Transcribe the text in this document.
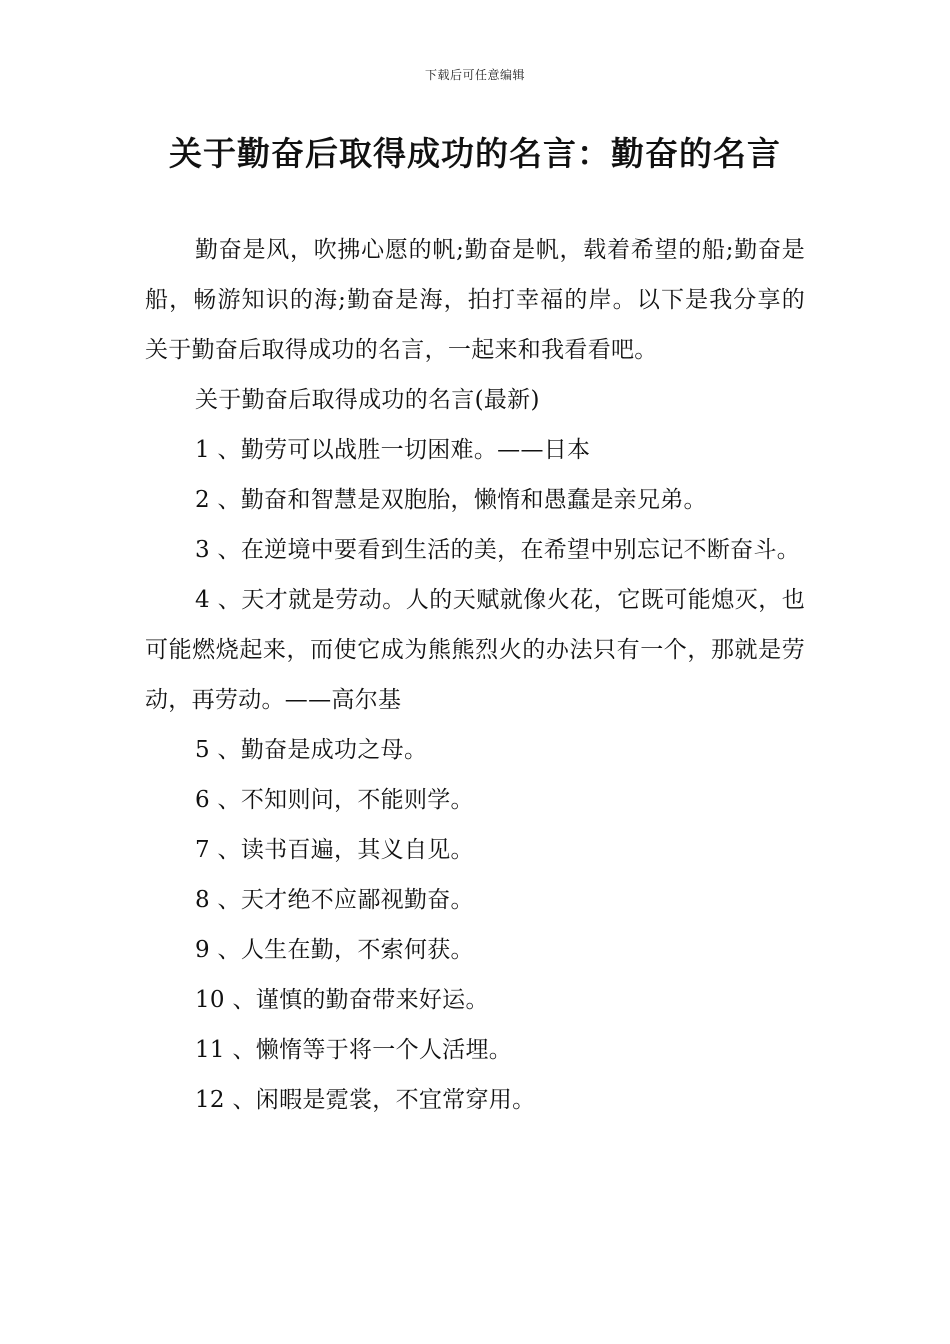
下载后可任意编辑
关于勤奋后取得成功的名言：勤奋的名言

勤奋是风，吹拂心愿的帆;勤奋是帆，载着希望的船;勤奋是船，畅游知识的海;勤奋是海，拍打幸福的岸。以下是我分享的关于勤奋后取得成功的名言，一起来和我看看吧。

关于勤奋后取得成功的名言(最新)

1 、勤劳可以战胜一切困难。——日本

2 、勤奋和智慧是双胞胎，懒惰和愚蠢是亲兄弟。

3 、在逆境中要看到生活的美，在希望中别忘记不断奋斗。

4 、天才就是劳动。人的天赋就像火花，它既可能熄灭，也可能燃烧起来，而使它成为熊熊烈火的办法只有一个，那就是劳动，再劳动。——高尔基

5 、勤奋是成功之母。

6 、不知则问，不能则学。

7 、读书百遍，其义自见。

8 、天才绝不应鄙视勤奋。

9 、人生在勤，不索何获。

10 、谨慎的勤奋带来好运。

11 、懒惰等于将一个人活埋。

12 、闲暇是霓裳，不宜常穿用。
